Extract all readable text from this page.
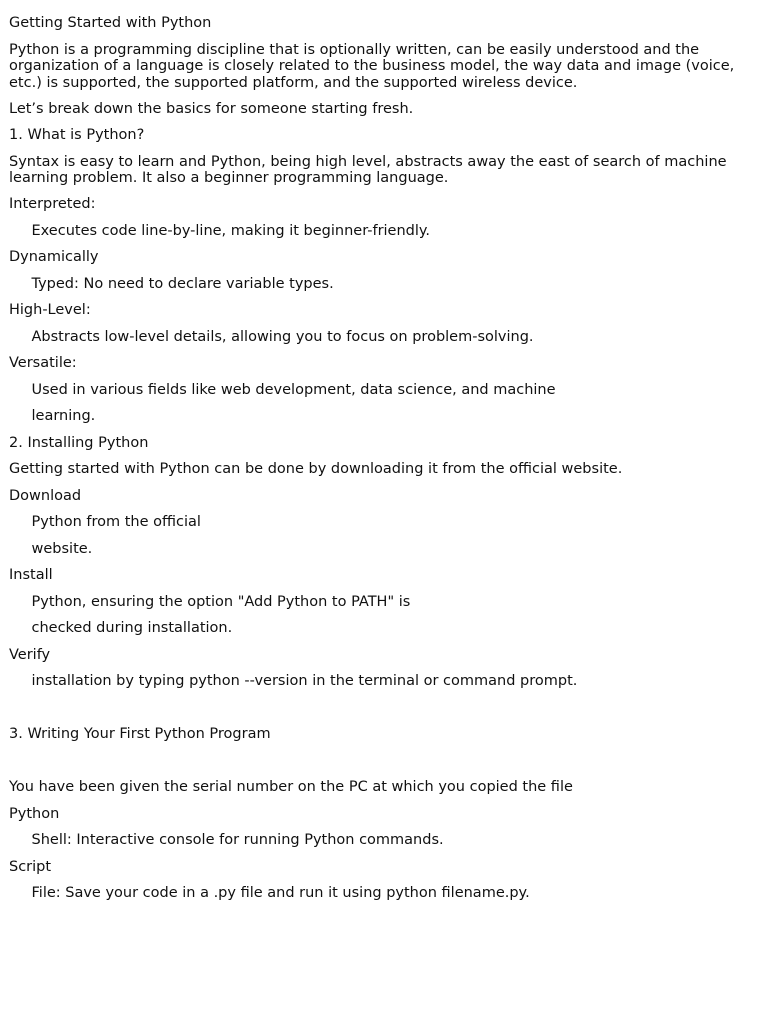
Getting Started with Python

Python is a programming discipline that is optionally written, can be easily understood and the organization of a language is closely related to the business model, the way data and image (voice, etc.) is supported, the supported platform, and the supported wireless device.

Let’s break down the basics for someone starting fresh.

1. What is Python?

Syntax is easy to learn and Python, being high level, abstracts away the east of search of machine learning problem. It also a beginner programming language.

Interpreted:

Executes code line-by-line, making it beginner-friendly.

Dynamically

Typed: No need to declare variable types.

High-Level:

Abstracts low-level details, allowing you to focus on problem-solving.

Versatile:

Used in various fields like web development, data science, and machine

learning.

2. Installing Python

Getting started with Python can be done by downloading it from the official website.

Download

Python from the official

website.

Install

Python, ensuring the option "Add Python to PATH" is

checked during installation.

Verify

installation by typing python --version in the terminal or command prompt.

3. Writing Your First Python Program

You have been given the serial number on the PC at which you copied the file

Python

Shell: Interactive console for running Python commands.

Script

File: Save your code in a .py file and run it using python filename.py.
